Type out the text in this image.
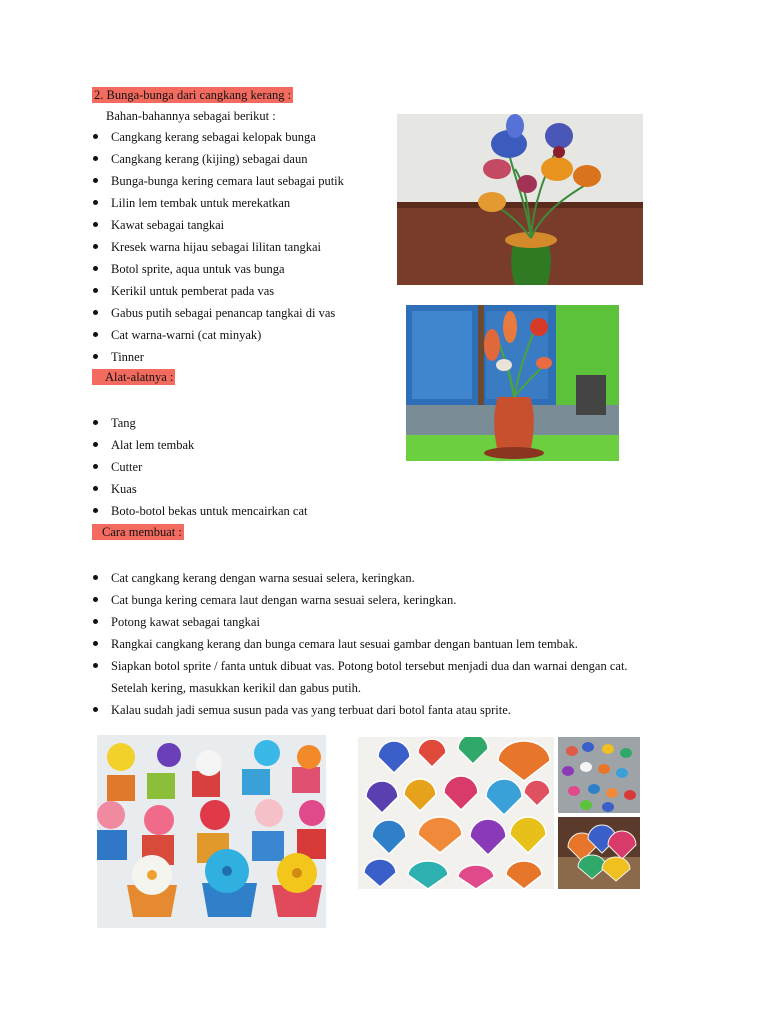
2. Bunga-bunga dari cangkang kerang :
Bahan-bahannya sebagai berikut :
Cangkang kerang sebagai kelopak bunga
Cangkang kerang (kijing) sebagai daun
Bunga-bunga kering cemara laut sebagai putik
Lilin lem tembak untuk merekatkan
Kawat sebagai tangkai
Kresek warna hijau sebagai lilitan tangkai
Botol sprite, aqua untuk vas bunga
Kerikil untuk pemberat pada vas
Gabus putih sebagai penancap tangkai di vas
Cat warna-warni (cat minyak)
Tinner
Alat-alatnya :
Tang
Alat lem tembak
Cutter
Kuas
Boto-botol bekas untuk mencairkan cat
Cara membuat :
Cat cangkang kerang dengan warna sesuai selera, keringkan.
Cat bunga kering cemara laut dengan warna sesuai selera, keringkan.
Potong kawat sebagai tangkai
Rangkai cangkang kerang dan bunga cemara laut sesuai gambar dengan bantuan lem tembak.
Siapkan botol sprite / fanta untuk dibuat vas. Potong botol tersebut menjadi dua dan warnai dengan cat. Setelah kering, masukkan kerikil dan gabus putih.
Kalau sudah jadi semua susun pada vas yang terbuat dari botol fanta atau sprite.
